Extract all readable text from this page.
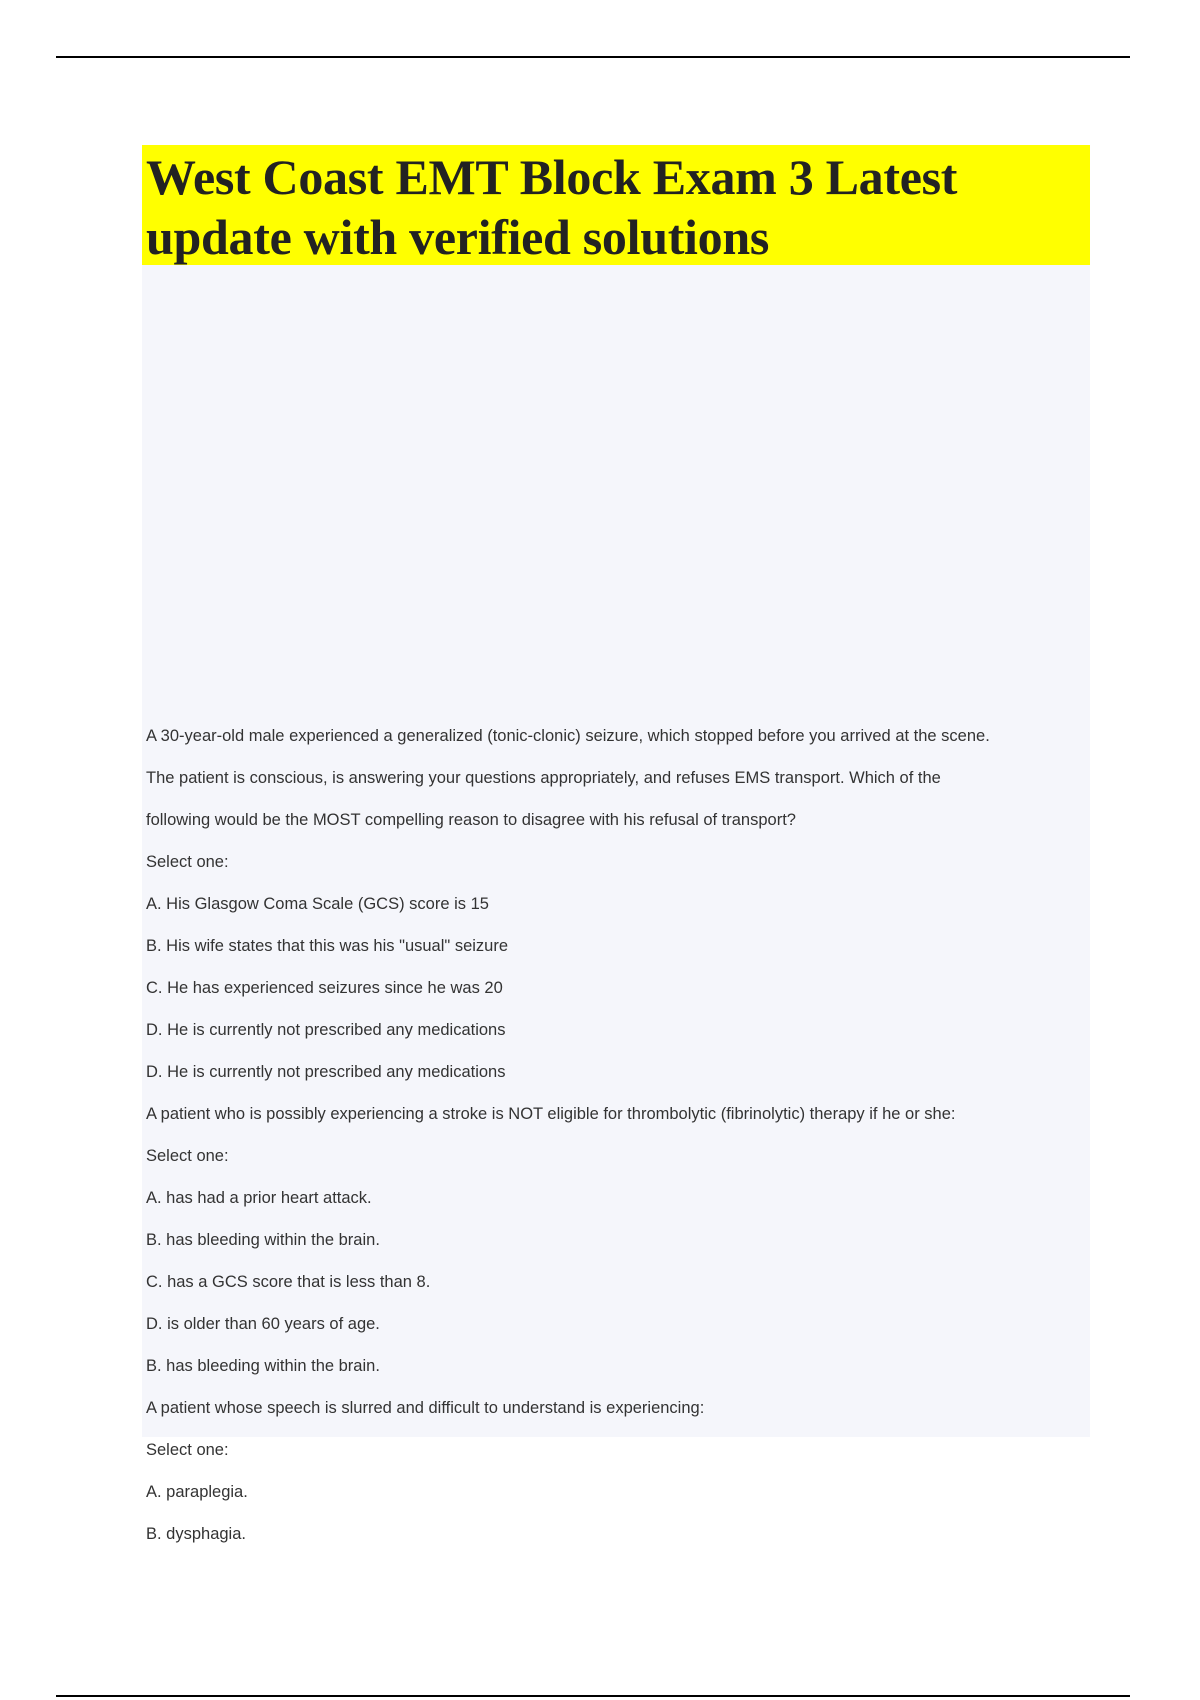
West Coast EMT Block Exam 3 Latest
update with verified solutions

A 30-year-old male experienced a generalized (tonic-clonic) seizure, which stopped before you arrived at the scene.

The patient is conscious, is answering your questions appropriately, and refuses EMS transport. Which of the

following would be the MOST compelling reason to disagree with his refusal of transport?

Select one:

A. His Glasgow Coma Scale (GCS) score is 15

B. His wife states that this was his "usual" seizure

C. He has experienced seizures since he was 20

D. He is currently not prescribed any medications

D. He is currently not prescribed any medications

A patient who is possibly experiencing a stroke is NOT eligible for thrombolytic (fibrinolytic) therapy if he or she:

Select one:

A. has had a prior heart attack.

B. has bleeding within the brain.

C. has a GCS score that is less than 8.

D. is older than 60 years of age.

B. has bleeding within the brain.

A patient whose speech is slurred and difficult to understand is experiencing:

Select one:

A. paraplegia.

B. dysphagia.
